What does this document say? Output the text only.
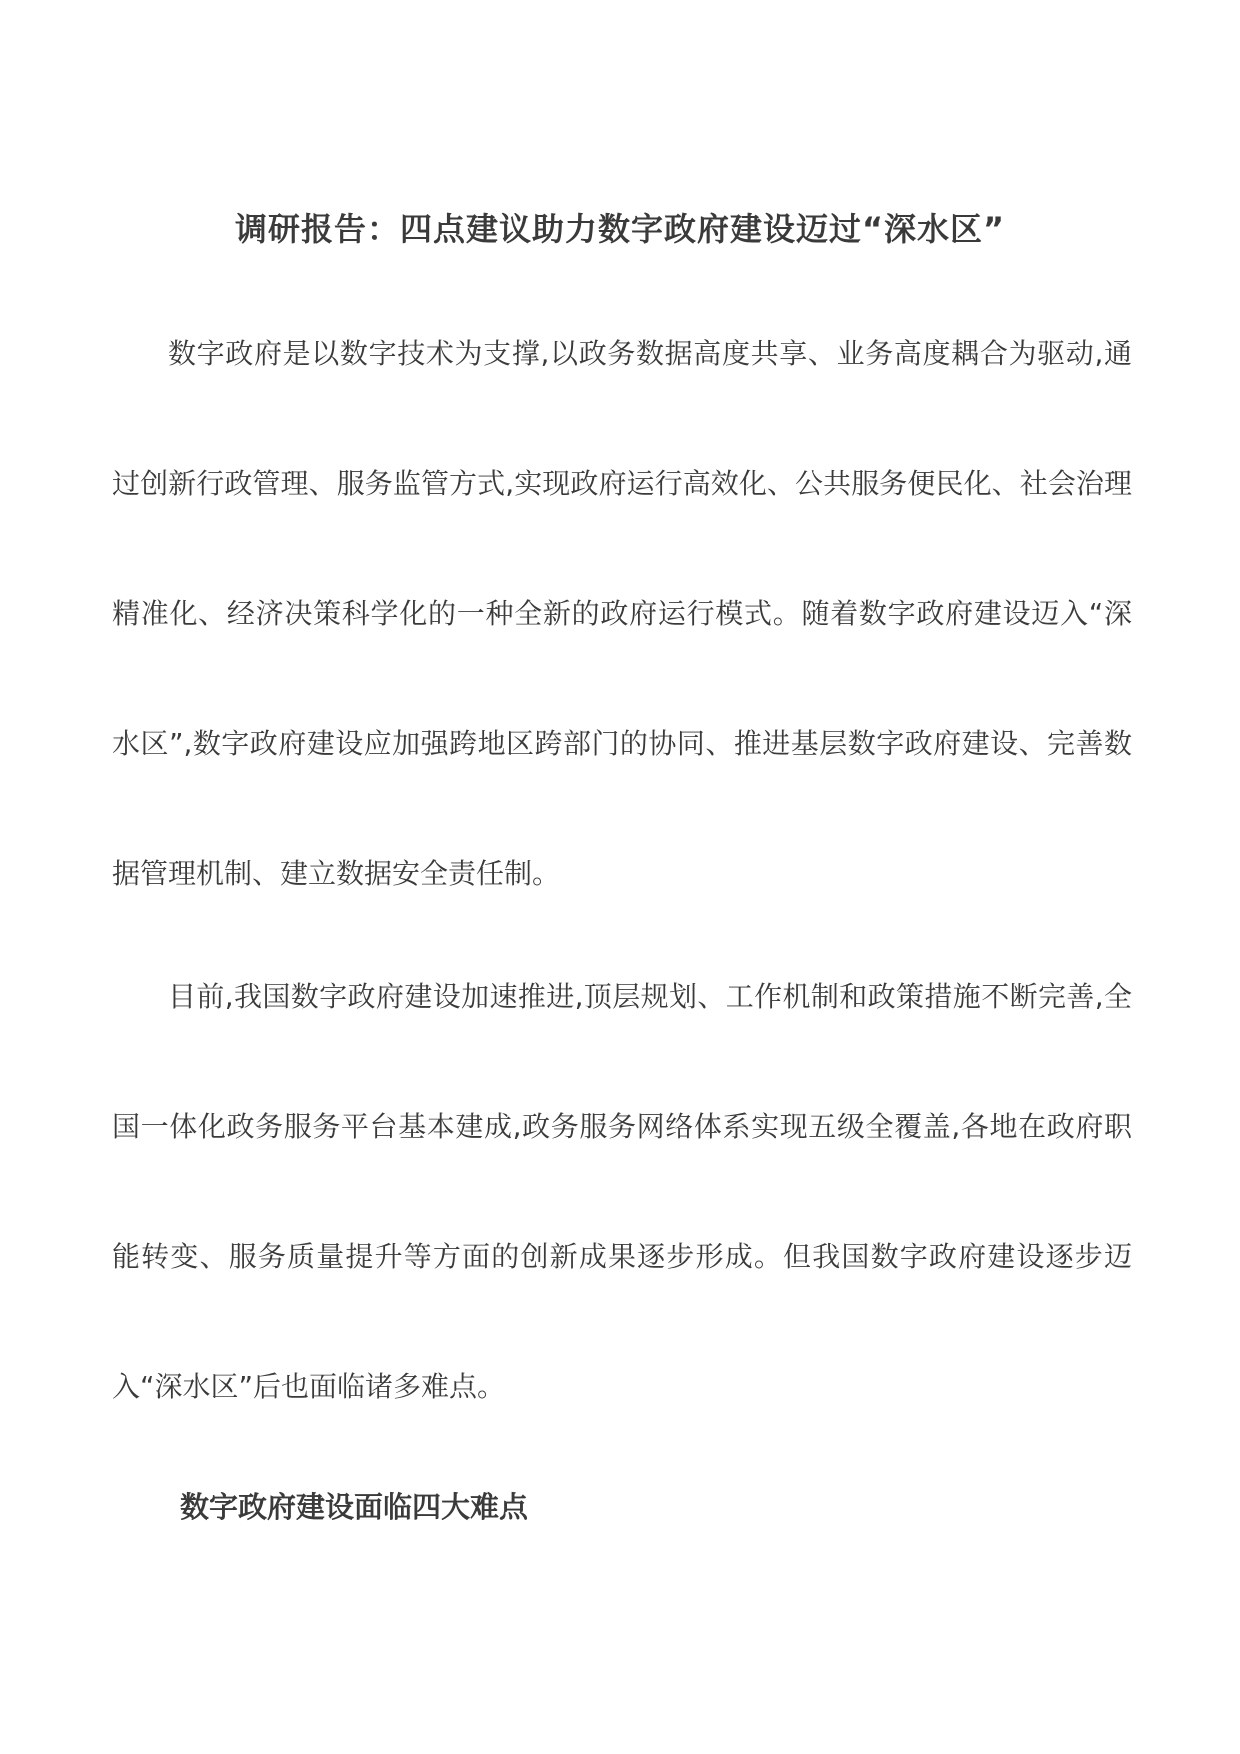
调研报告：四点建议助力数字政府建设迈过“深水区”

数字政府是以数字技术为支撑,以政务数据高度共享、业务高度耦合为驱动,通过创新行政管理、服务监管方式,实现政府运行高效化、公共服务便民化、社会治理精准化、经济决策科学化的一种全新的政府运行模式。随着数字政府建设迈入“深水区”,数字政府建设应加强跨地区跨部门的协同、推进基层数字政府建设、完善数据管理机制、建立数据安全责任制。

目前,我国数字政府建设加速推进,顶层规划、工作机制和政策措施不断完善,全国一体化政务服务平台基本建成,政务服务网络体系实现五级全覆盖,各地在政府职能转变、服务质量提升等方面的创新成果逐步形成。但我国数字政府建设逐步迈入“深水区”后也面临诸多难点。

数字政府建设面临四大难点
